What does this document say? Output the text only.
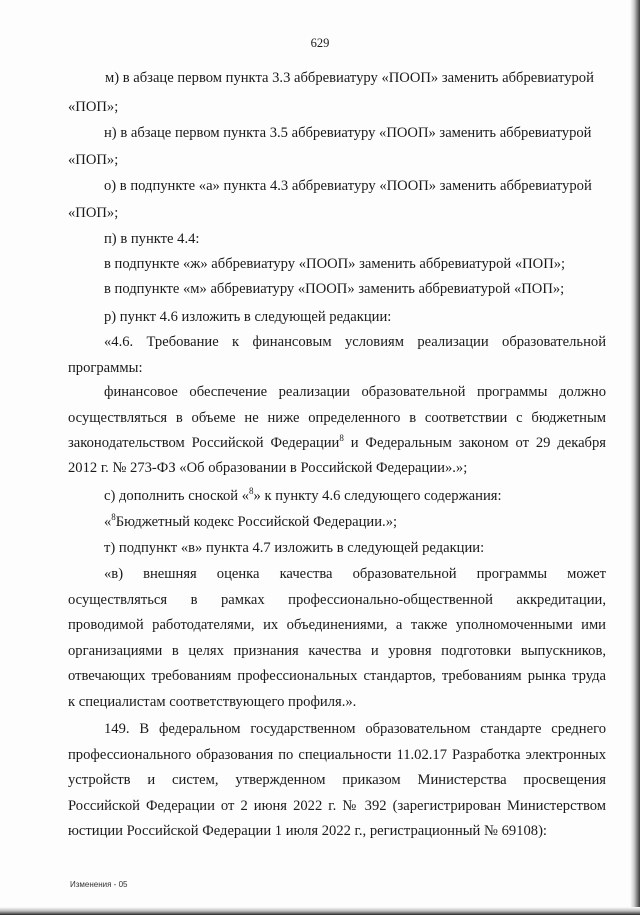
629
м) в абзаце первом пункта 3.3 аббревиатуру «ПООП» заменить аббревиатурой
«ПОП»;
н) в абзаце первом пункта 3.5 аббревиатуру «ПООП» заменить аббревиатурой
«ПОП»;
о) в подпункте «а» пункта 4.3 аббревиатуру «ПООП» заменить аббревиатурой
«ПОП»;
п) в пункте 4.4:
в подпункте «ж» аббревиатуру «ПООП» заменить аббревиатурой «ПОП»;
в подпункте «м» аббревиатуру «ПООП» заменить аббревиатурой «ПОП»;
р) пункт 4.6 изложить в следующей редакции:
«4.6. Требование к финансовым условиям реализации образовательной
программы:
финансовое обеспечение реализации образовательной программы должно
осуществляться в объеме не ниже определенного в соответствии с бюджетным
законодательством Российской Федерации$^8$ и Федеральным законом от 29 декабря
2012 г. № 273-ФЗ «Об образовании в Российской Федерации».»;
с) дополнить сноской «$^8$» к пункту 4.6 следующего содержания:
«$^8$Бюджетный кодекс Российской Федерации.»;
т) подпункт «в» пункта 4.7 изложить в следующей редакции:
«в) внешняя оценка качества образовательной программы может
осуществляться в рамках профессионально-общественной аккредитации,
проводимой работодателями, их объединениями, а также уполномоченными ими
организациями в целях признания качества и уровня подготовки выпускников,
отвечающих требованиям профессиональных стандартов, требованиям рынка труда
к специалистам соответствующего профиля.».
149. В федеральном государственном образовательном стандарте среднего
профессионального образования по специальности 11.02.17 Разработка электронных
устройств и систем, утвержденном приказом Министерства просвещения
Российской Федерации от 2 июня 2022 г. № 392 (зарегистрирован Министерством
юстиции Российской Федерации 1 июля 2022 г., регистрационный № 69108):
Изменения - 05
